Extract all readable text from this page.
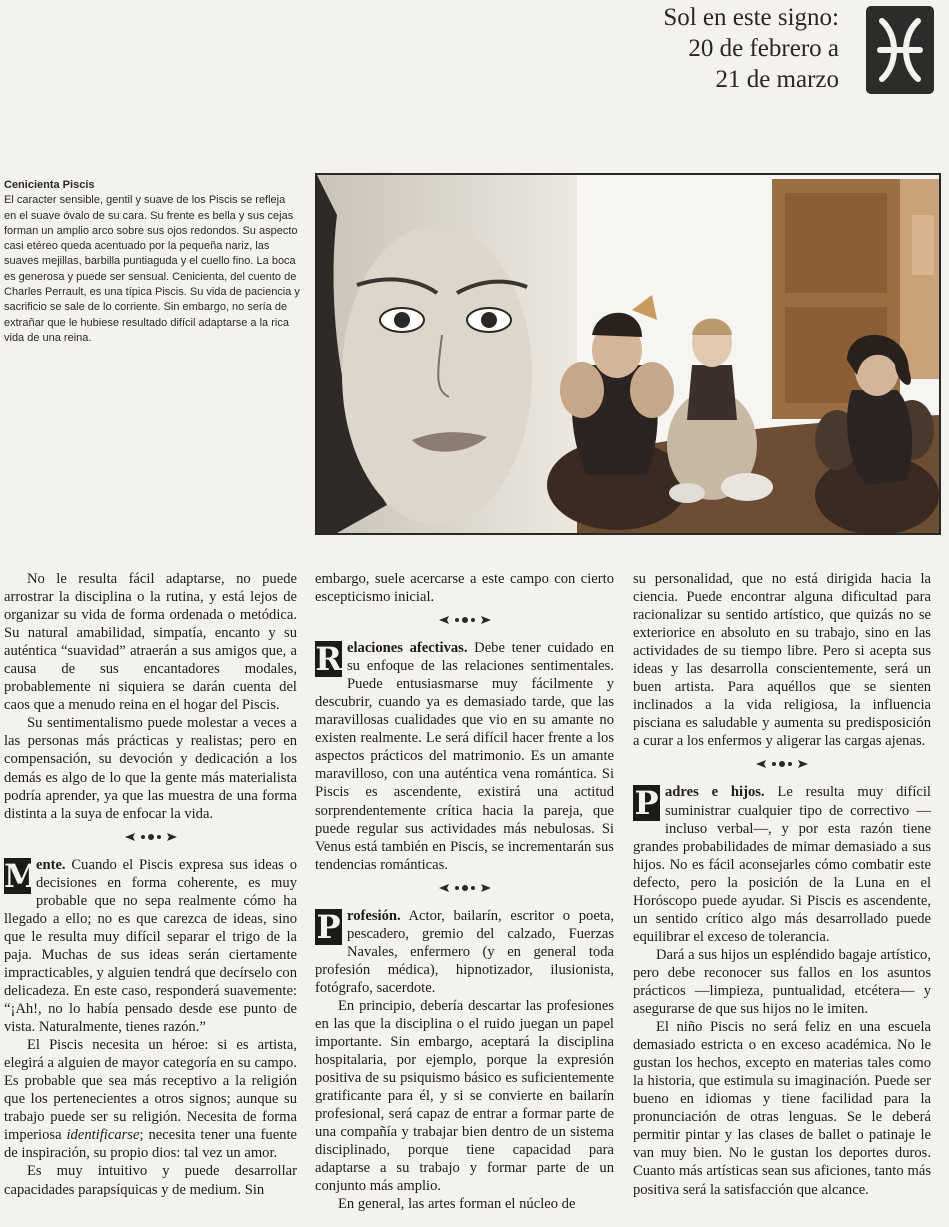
Sol en este signo:
20 de febrero a
21 de marzo
Cenicienta Piscis
El caracter sensible, gentil y suave de los Piscis se refleja en el suave óvalo de su cara. Su frente es bella y sus cejas forman un amplio arco sobre sus ojos redondos. Su aspecto casi etéreo queda acentuado por la pequeña nariz, las suaves mejillas, barbilla puntiaguda y el cuello fino. La boca es generosa y puede ser sensual. Cenicienta, del cuento de Charles Perrault, es una típica Piscis. Su vida de paciencia y sacrificio se sale de lo corriente. Sin embargo, no sería de extrañar que le hubiese resultado difícil adaptarse a la rica vida de una reina.

No le resulta fácil adaptarse, no puede arrostrar la disciplina o la rutina, y está lejos de organizar su vida de forma ordenada o metódica. Su natural amabilidad, simpatía, encanto y su auténtica “suavidad” atraerán a sus amigos que, a causa de sus encantadores modales, probablemente ni siquiera se darán cuenta del caos que a menudo reina en el hogar del Piscis.

Su sentimentalismo puede molestar a veces a las personas más prácticas y realistas; pero en compensación, su devoción y dedicación a los demás es algo de lo que la gente más materialista podría aprender, ya que las muestra de una forma distinta a la suya de enfocar la vida.

M
ente. Cuando el Piscis expresa sus ideas o decisiones en forma coherente, es muy probable que no sepa realmente cómo ha llegado a ello; no es que carezca de ideas, sino que le resulta muy difícil separar el trigo de la paja. Muchas de sus ideas serán ciertamente impracticables, y alguien tendrá que decírselo con delicadeza. En este caso, responderá suavemente: “¡Ah!, no lo había pensado desde ese punto de vista. Naturalmente, tienes razón.”

El Piscis necesita un héroe: si es artista, elegirá a alguien de mayor categoría en su campo. Es probable que sea más receptivo a la religión que los pertenecientes a otros signos; aunque su trabajo puede ser su religión. Necesita de forma imperiosa identificarse; necesita tener una fuente de inspiración, su propio dios: tal vez un amor.

Es muy intuitivo y puede desarrollar capacidades parapsíquicas y de medium. Sin

embargo, suele acercarse a este campo con cierto escepticismo inicial.

R elaciones afectivas. Debe tener cuidado en su enfoque de las relaciones sentimentales. Puede entusiasmarse muy fácilmente y descubrir, cuando ya es demasiado tarde, que las maravillosas cualidades que vio en su amante no existen realmente. Le será difícil hacer frente a los aspectos prácticos del matrimonio. Es un amante maravilloso, con una auténtica vena romántica. Si Piscis es ascendente, existirá una actitud sorprendentemente crítica hacia la pareja, que puede regular sus actividades más nebulosas. Si Venus está también en Piscis, se incrementarán sus tendencias románticas.

P rofesión. Actor, bailarín, escritor o poeta, pescadero, gremio del calzado, Fuerzas Navales, enfermero (y en general toda profesión médica), hipnotizador, ilusionista, fotógrafo, sacerdote.

En principio, debería descartar las profesiones en las que la disciplina o el ruido juegan un papel importante. Sin embargo, aceptará la disciplina hospitalaria, por ejemplo, porque la expresión positiva de su psiquismo básico es suficientemente gratificante para él, y si se convierte en bailarín profesional, será capaz de entrar a formar parte de una compañía y trabajar bien dentro de un sistema disciplinado, porque tiene capacidad para adaptarse a su trabajo y formar parte de un conjunto más amplio.

En general, las artes forman el núcleo de

su personalidad, que no está dirigida hacia la ciencia. Puede encontrar alguna dificultad para racionalizar su sentido artístico, que quizás no se exteriorice en absoluto en su trabajo, sino en las actividades de su tiempo libre. Pero si acepta sus ideas y las desarrolla conscientemente, será un buen artista. Para aquéllos que se sienten inclinados a la vida religiosa, la influencia pisciana es saludable y aumenta su predisposición a curar a los enfermos y aligerar las cargas ajenas.

P adres e hijos. Le resulta muy difícil suministrar cualquier tipo de correctivo —incluso verbal—, y por esta razón tiene grandes probabilidades de mimar demasiado a sus hijos. No es fácil aconsejarles cómo combatir este defecto, pero la posición de la Luna en el Horóscopo puede ayudar. Si Piscis es ascendente, un sentido crítico algo más desarrollado puede equilibrar el exceso de tolerancia.

Dará a sus hijos un espléndido bagaje artístico, pero debe reconocer sus fallos en los asuntos prácticos —limpieza, puntualidad, etcétera— y asegurarse de que sus hijos no le imiten.

El niño Piscis no será feliz en una escuela demasiado estricta o en exceso académica. No le gustan los hechos, excepto en materias tales como la historia, que estimula su imaginación. Puede ser bueno en idiomas y tiene facilidad para la pronunciación de otras lenguas. Se le deberá permitir pintar y las clases de ballet o patinaje le van muy bien. No le gustan los deportes duros. Cuanto más artísticas sean sus aficiones, tanto más positiva será la satisfacción que alcance.
